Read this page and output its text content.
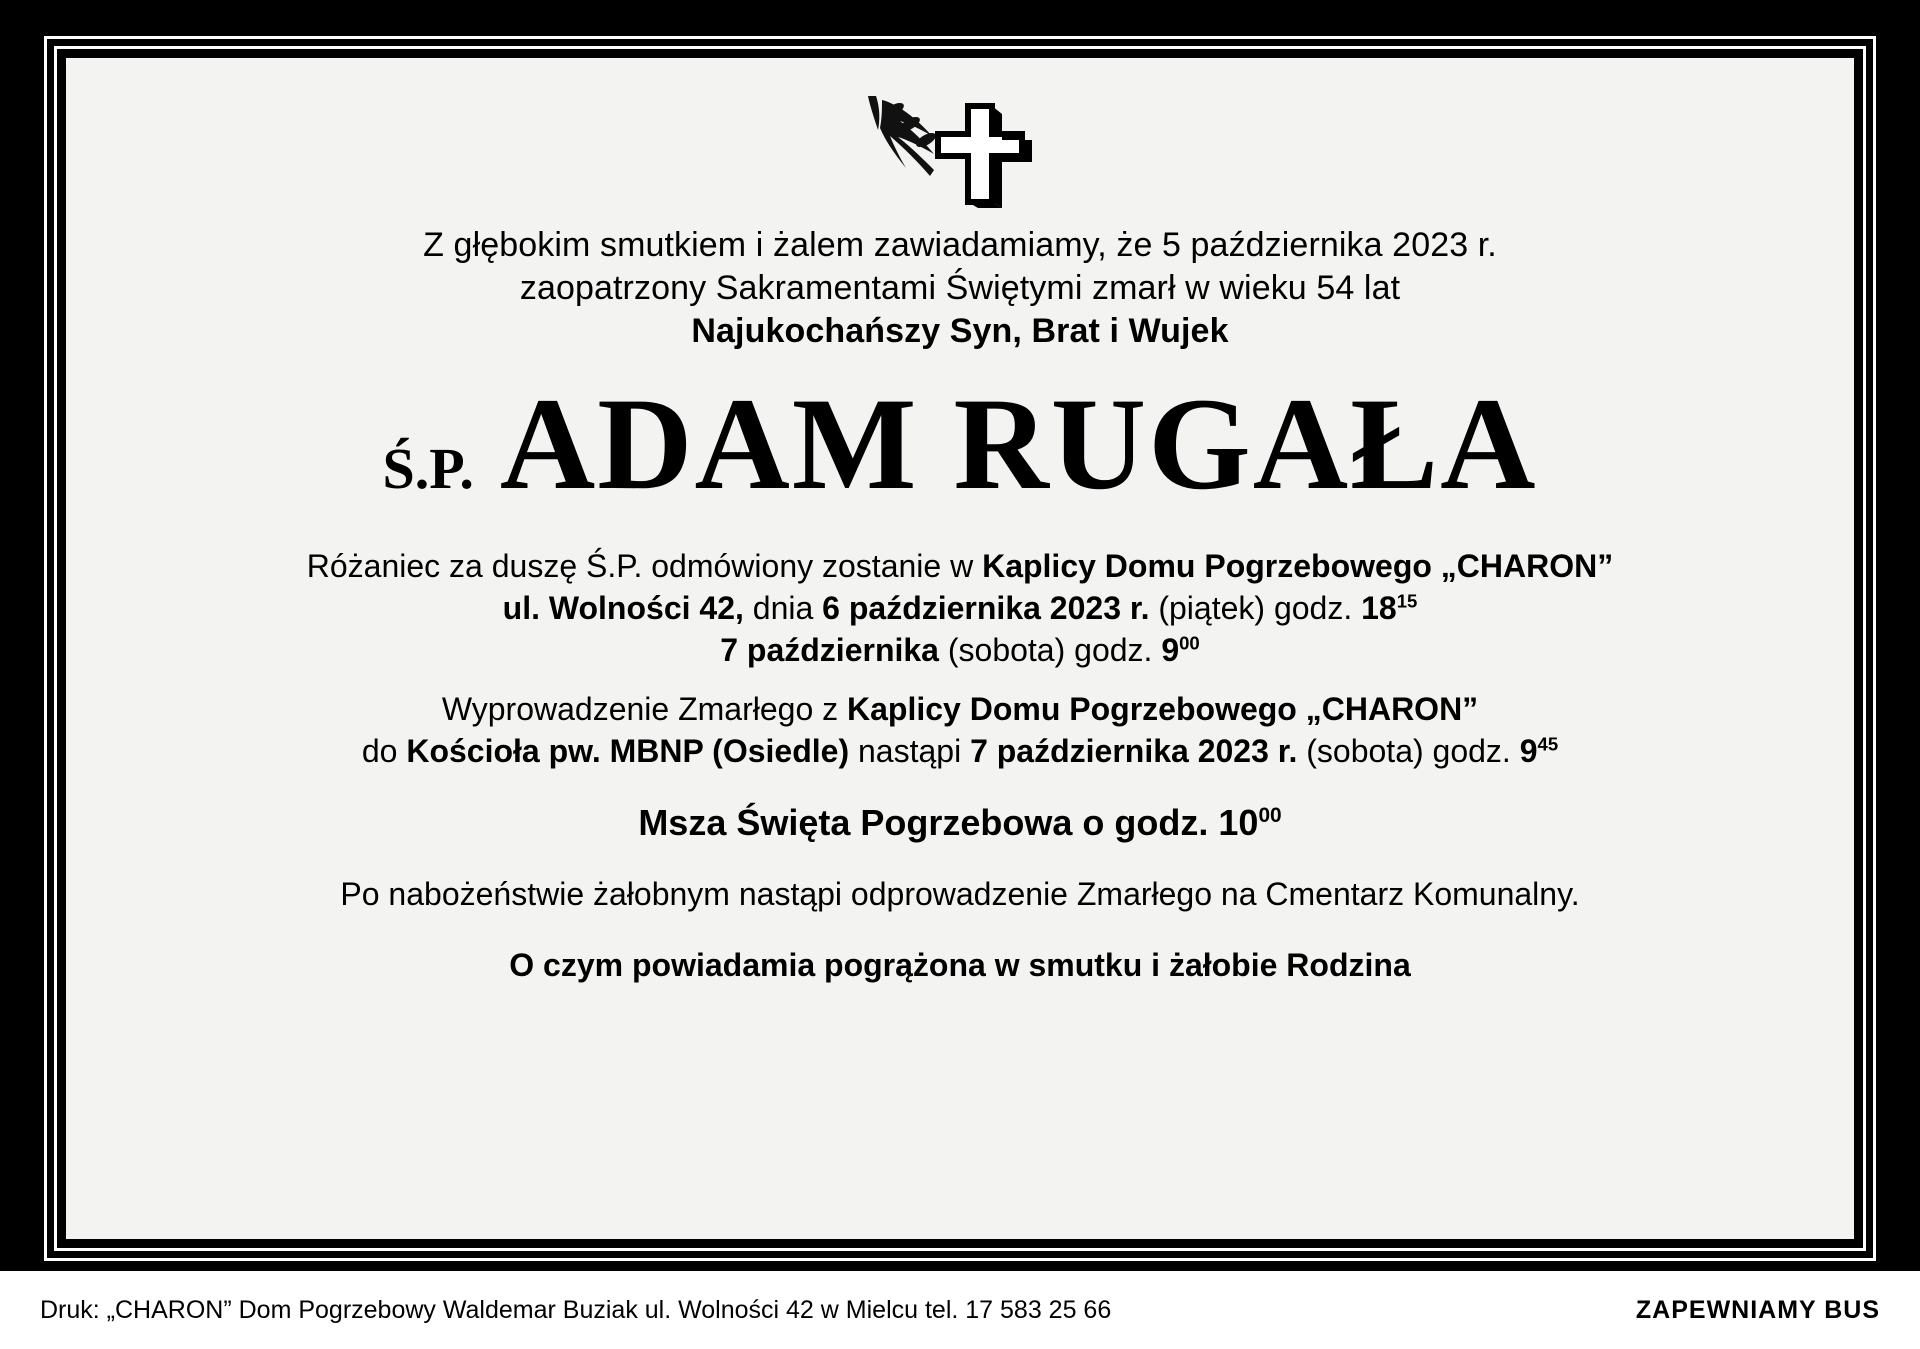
Z głębokim smutkiem i żalem zawiadamiamy, że 5 października 2023 r.
zaopatrzony Sakramentami Świętymi zmarł w wieku 54 lat
Najukochańszy Syn, Brat i Wujek
Ś.P. ADAM RUGAŁA
Różaniec za duszę Ś.P. odmówiony zostanie w Kaplicy Domu Pogrzebowego „CHARON”
ul. Wolności 42, dnia 6 października 2023 r. (piątek) godz. $18^{15}$
7 października (sobota) godz. $9^{00}$
Wyprowadzenie Zmarłego z Kaplicy Domu Pogrzebowego „CHARON”
do Kościoła pw. MBNP (Osiedle) nastąpi 7 października 2023 r. (sobota) godz. $9^{45}$
Msza Święta Pogrzebowa o godz. $10^{00}$
Po nabożeństwie żałobnym nastąpi odprowadzenie Zmarłego na Cmentarz Komunalny.
O czym powiadamia pogrążona w smutku i żałobie Rodzina
Druk: „CHARON” Dom Pogrzebowy Waldemar Buziak ul. Wolności 42 w Mielcu tel. 17 583 25 66	ZAPEWNIAMY BUS
